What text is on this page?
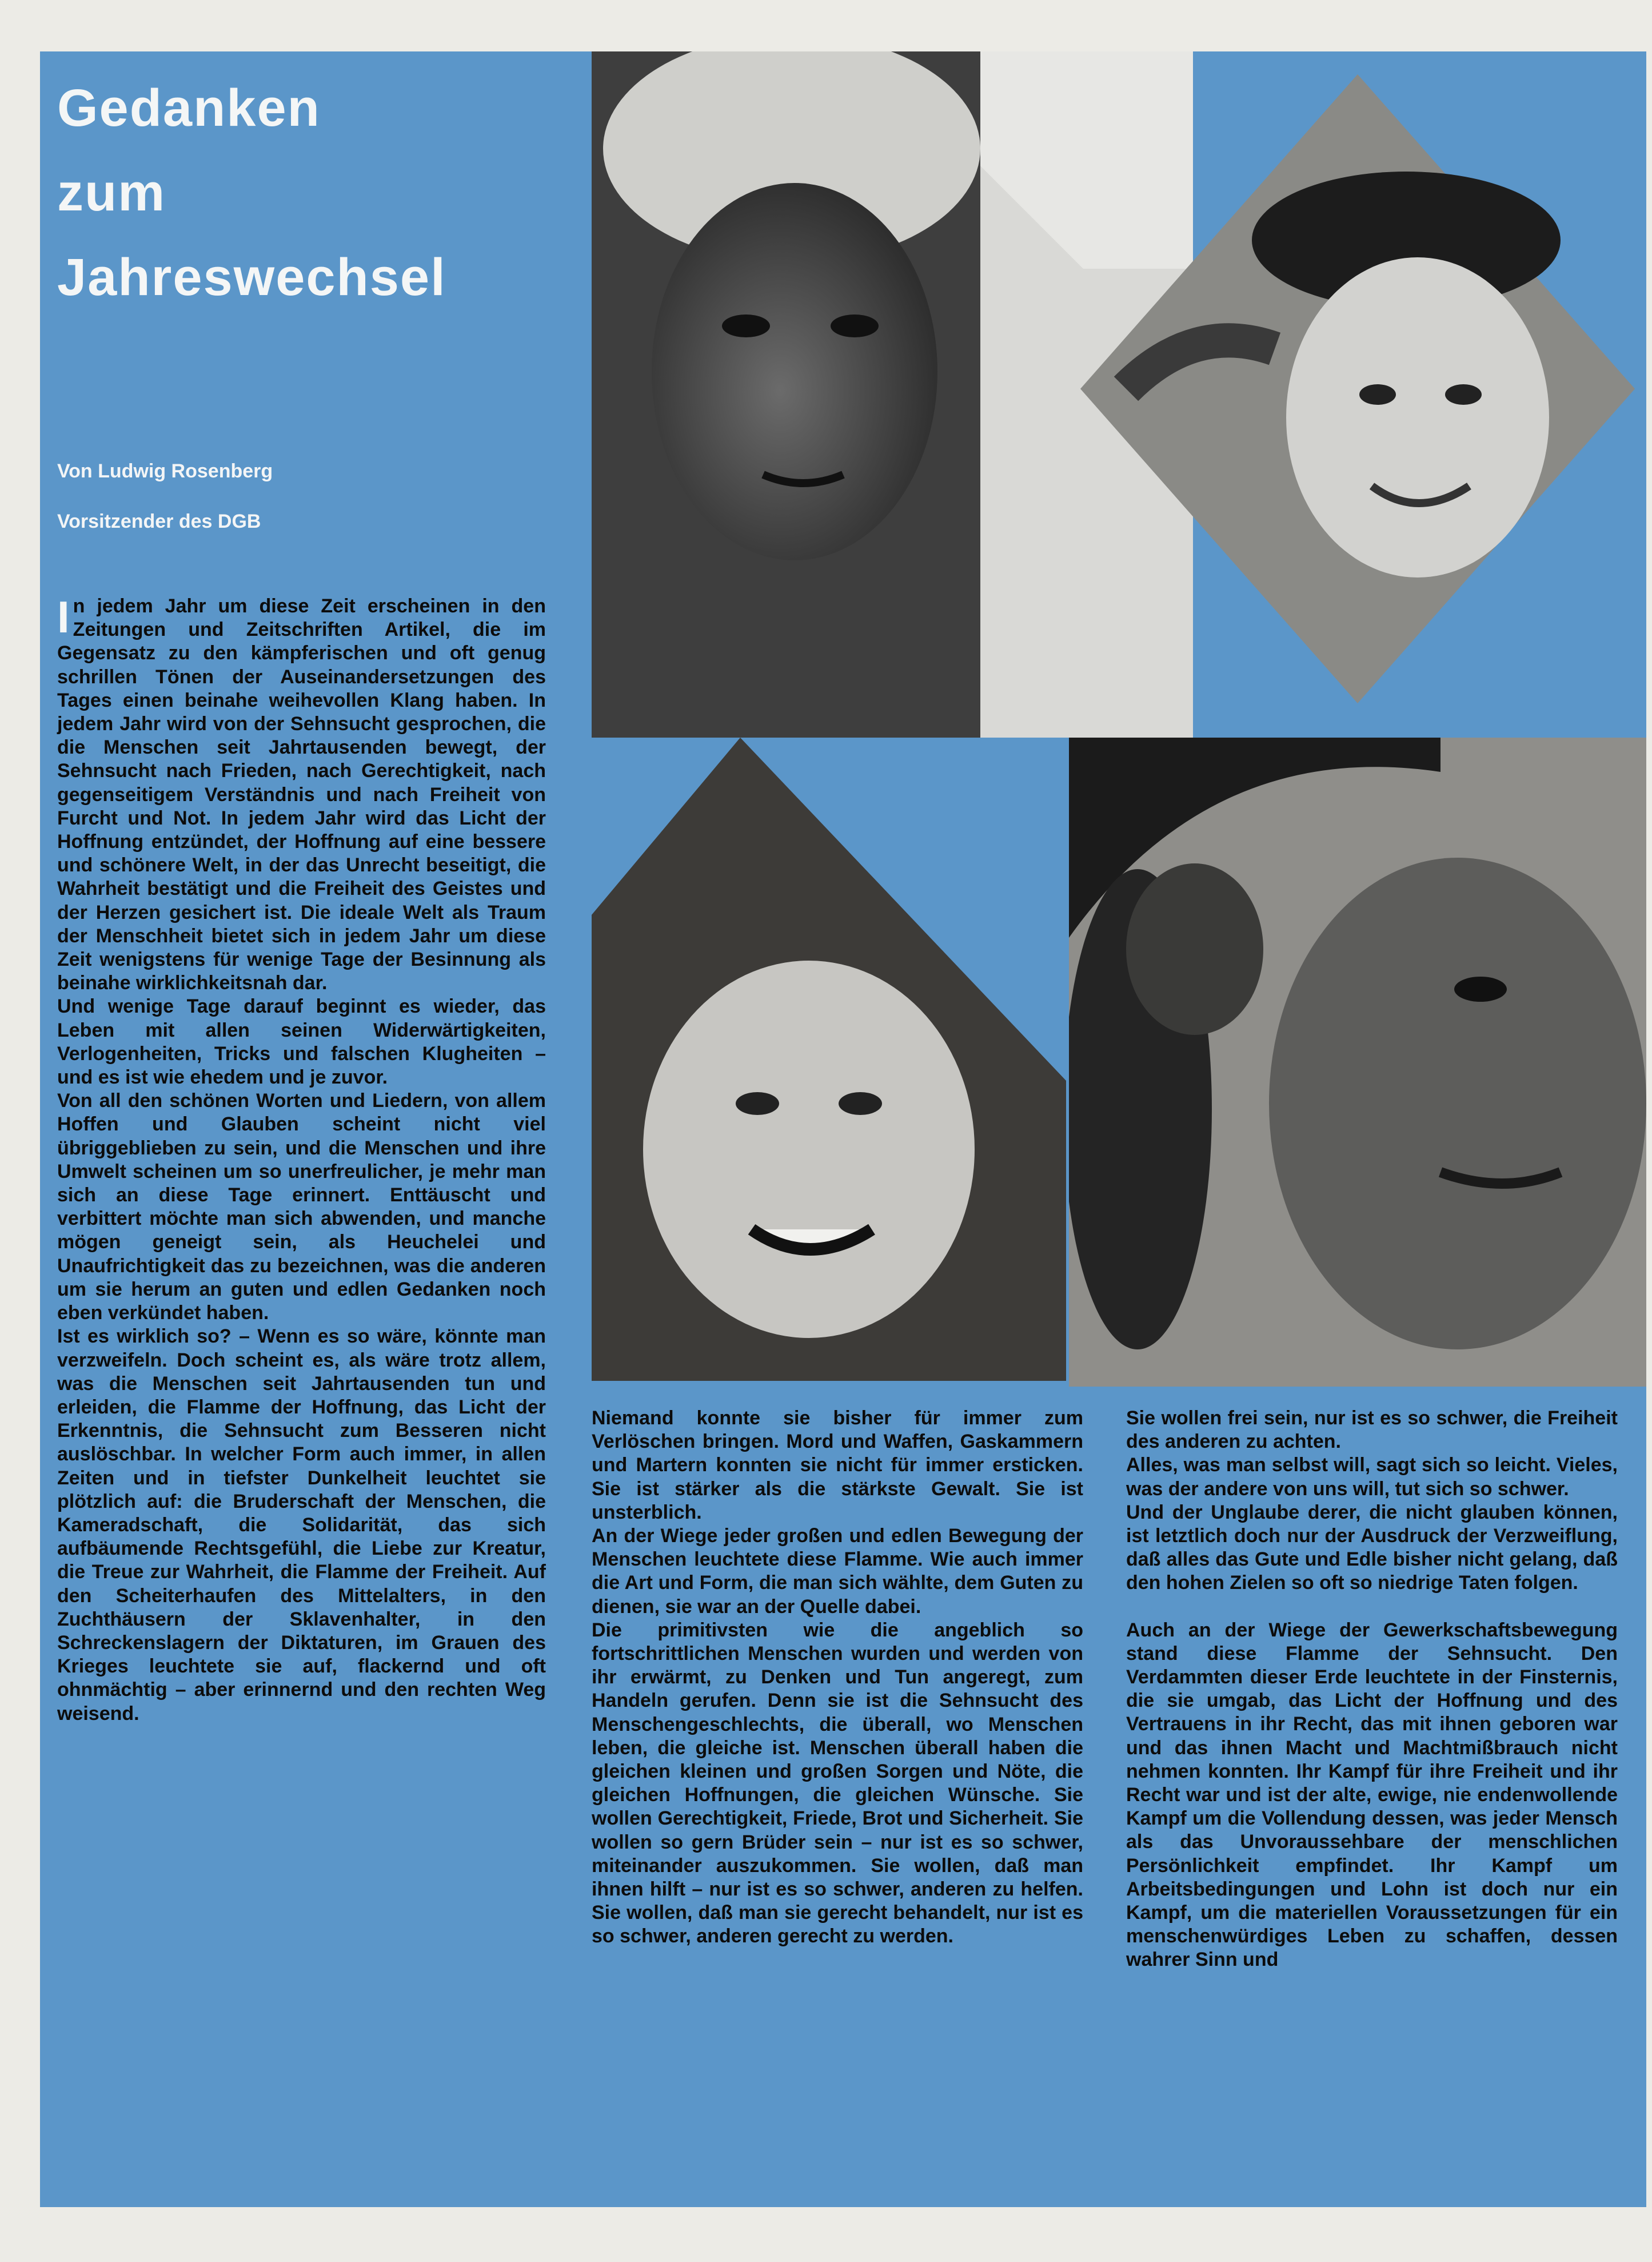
Gedanken
zum
Jahreswechsel
Von Ludwig Rosenberg
Vorsitzender des DGB

In jedem Jahr um diese Zeit erscheinen in den Zeitungen und Zeitschriften Artikel, die im Gegensatz zu den kämpferischen und oft genug schrillen Tönen der Auseinandersetzungen des Tages einen beinahe weihevollen Klang haben. In jedem Jahr wird von der Sehnsucht gesprochen, die die Menschen seit Jahrtausenden bewegt, der Sehnsucht nach Frieden, nach Gerechtigkeit, nach gegenseitigem Verständnis und nach Freiheit von Furcht und Not. In jedem Jahr wird das Licht der Hoffnung entzündet, der Hoffnung auf eine bessere und schönere Welt, in der das Unrecht beseitigt, die Wahrheit bestätigt und die Freiheit des Geistes und der Herzen gesichert ist. Die ideale Welt als Traum der Menschheit bietet sich in jedem Jahr um diese Zeit wenigstens für wenige Tage der Besinnung als beinahe wirklichkeitsnah dar.

Und wenige Tage darauf beginnt es wieder, das Leben mit allen seinen Widerwärtigkeiten, Verlogenheiten, Tricks und falschen Klugheiten – und es ist wie ehedem und je zuvor.

Von all den schönen Worten und Liedern, von allem Hoffen und Glauben scheint nicht viel übriggeblieben zu sein, und die Menschen und ihre Umwelt scheinen um so unerfreulicher, je mehr man sich an diese Tage erinnert. Enttäuscht und verbittert möchte man sich abwenden, und manche mögen geneigt sein, als Heuchelei und Unaufrichtigkeit das zu bezeichnen, was die anderen um sie herum an guten und edlen Gedanken noch eben verkündet haben.

Ist es wirklich so? – Wenn es so wäre, könnte man verzweifeln. Doch scheint es, als wäre trotz allem, was die Menschen seit Jahrtausenden tun und erleiden, die Flamme der Hoffnung, das Licht der Erkenntnis, die Sehnsucht zum Besseren nicht auslöschbar. In welcher Form auch immer, in allen Zeiten und in tiefster Dunkelheit leuchtet sie plötzlich auf: die Bruderschaft der Menschen, die Kameradschaft, die Solidarität, das sich aufbäumende Rechtsgefühl, die Liebe zur Kreatur, die Treue zur Wahrheit, die Flamme der Freiheit. Auf den Scheiterhaufen des Mittelalters, in den Zuchthäusern der Sklavenhalter, in den Schreckenslagern der Diktaturen, im Grauen des Krieges leuchtete sie auf, flackernd und oft ohnmächtig – aber erinnernd und den rechten Weg weisend.

Niemand konnte sie bisher für immer zum Verlöschen bringen. Mord und Waffen, Gaskammern und Martern konnten sie nicht für immer ersticken. Sie ist stärker als die stärkste Gewalt. Sie ist unsterblich.

An der Wiege jeder großen und edlen Bewegung der Menschen leuchtete diese Flamme. Wie auch immer die Art und Form, die man sich wählte, dem Guten zu dienen, sie war an der Quelle dabei.

Die primitivsten wie die angeblich so fortschrittlichen Menschen wurden und werden von ihr erwärmt, zu Denken und Tun angeregt, zum Handeln gerufen. Denn sie ist die Sehnsucht des Menschengeschlechts, die überall, wo Menschen leben, die gleiche ist. Menschen überall haben die gleichen kleinen und großen Sorgen und Nöte, die gleichen Hoffnungen, die gleichen Wünsche. Sie wollen Gerechtigkeit, Friede, Brot und Sicherheit. Sie wollen so gern Brüder sein – nur ist es so schwer, miteinander auszukommen. Sie wollen, daß man ihnen hilft – nur ist es so schwer, anderen zu helfen. Sie wollen, daß man sie gerecht behandelt, nur ist es so schwer, anderen gerecht zu werden.

Sie wollen frei sein, nur ist es so schwer, die Freiheit des anderen zu achten.

Alles, was man selbst will, sagt sich so leicht. Vieles, was der andere von uns will, tut sich so schwer.

Und der Unglaube derer, die nicht glauben können, ist letztlich doch nur der Ausdruck der Verzweiflung, daß alles das Gute und Edle bisher nicht gelang, daß den hohen Zielen so oft so niedrige Taten folgen.

Auch an der Wiege der Gewerkschaftsbewegung stand diese Flamme der Sehnsucht. Den Verdammten dieser Erde leuchtete in der Finsternis, die sie umgab, das Licht der Hoffnung und des Vertrauens in ihr Recht, das mit ihnen geboren war und das ihnen Macht und Machtmißbrauch nicht nehmen konnten. Ihr Kampf für ihre Freiheit und ihr Recht war und ist der alte, ewige, nie endenwollende Kampf um die Vollendung dessen, was jeder Mensch als das Unvoraussehbare der menschlichen Persönlichkeit empfindet. Ihr Kampf um Arbeitsbedingungen und Lohn ist doch nur ein Kampf, um die materiellen Voraussetzungen für ein menschenwürdiges Leben zu schaffen, dessen wahrer Sinn und
